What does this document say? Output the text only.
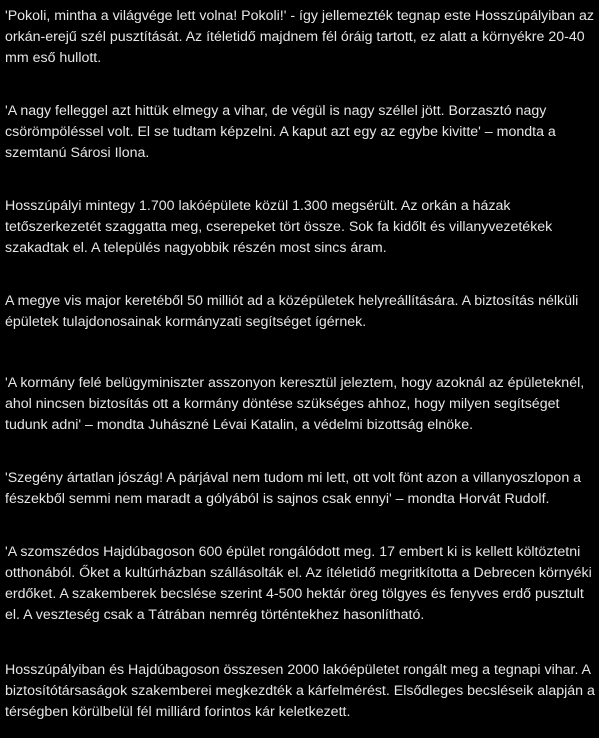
'Pokoli, mintha a világvége lett volna! Pokoli!' - így jellemezték tegnap este Hosszúpályiban az orkán-erejű szél pusztítását. Az ítéletidő majdnem fél óráig tartott, ez alatt a környékre 20-40 mm eső hullott.

'A nagy felleggel azt hittük elmegy a vihar, de végül is nagy széllel jött. Borzasztó nagy csörömpöléssel volt. El se tudtam képzelni. A kaput azt egy az egybe kivitte' – mondta a szemtanú Sárosi Ilona.

Hosszúpályi mintegy 1.700 lakóépülete közül 1.300 megsérült. Az orkán a házak tetőszerkezetét szaggatta meg, cserepeket tört össze. Sok fa kidőlt és villanyvezetékek szakadtak el. A település nagyobbik részén most sincs áram.

A megye vis major keretéből 50 milliót ad a középületek helyreállítására. A biztosítás nélküli épületek tulajdonosainak kormányzati segítséget ígérnek.

'A kormány felé belügyminiszter asszonyon keresztül jeleztem, hogy azoknál az épületeknél, ahol nincsen biztosítás ott a kormány döntése szükséges ahhoz, hogy milyen segítséget tudunk adni' – mondta Juhászné Lévai Katalin, a védelmi bizottság elnöke.

'Szegény ártatlan jószág! A párjával nem tudom mi lett, ott volt fönt azon a villanyoszlopon a fészekből semmi nem maradt a gólyából is sajnos csak ennyi' – mondta Horvát Rudolf.

'A szomszédos Hajdúbagoson 600 épület rongálódott meg. 17 embert ki is kellett költöztetni otthonából. Őket a kultúrházban szállásolták el. Az ítéletidő megritkította a Debrecen környéki erdőket. A szakemberek becslése szerint 4-500 hektár öreg tölgyes és fenyves erdő pusztult el. A veszteség csak a Tátrában nemrég történtekhez hasonlítható.

Hosszúpályiban és Hajdúbagoson összesen 2000 lakóépületet rongált meg a tegnapi vihar. A biztosítótársaságok szakemberei megkezdték a kárfelmérést. Elsődleges becsléseik alapján a térségben körülbelül fél milliárd forintos kár keletkezett.
